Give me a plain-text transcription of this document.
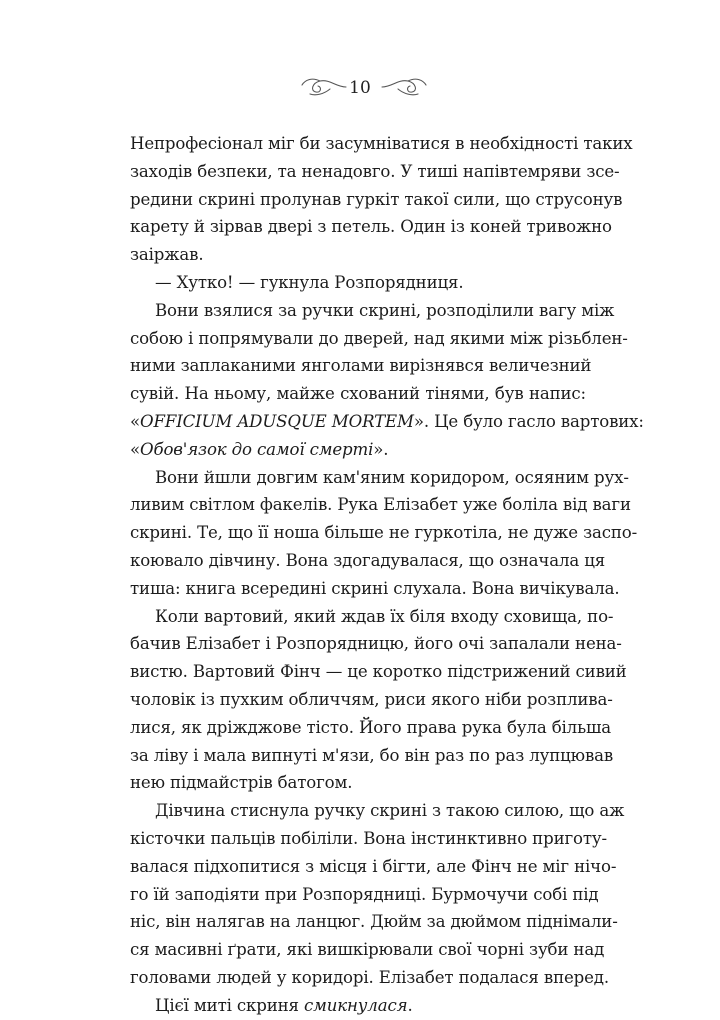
10
Непрофесіонал міг би засумніватися в необхідності таких
заходів безпеки, та ненадовго. У тиші напівтемряви зсе-
редини скрині пролунав гуркіт такої сили, що струсонув
карету й зірвав двері з петель. Один із коней тривожно
заіржав.
— Хутко! — гукнула Розпорядниця.
Вони взялися за ручки скрині, розподілили вагу між
собою і попрямували до дверей, над якими між різьблен-
ними заплаканими янголами вирізнявся величезний
сувій. На ньому, майже схований тінями, був напис:
«OFFICIUM ADUSQUE MORTEM». Це було гасло вартових:
«Обов'язок до самої смерті».
Вони йшли довгим кам'яним коридором, осяяним рух-
ливим світлом факелів. Рука Елізабет уже боліла від ваги
скрині. Те, що її ноша більше не гуркотіла, не дуже заспо-
коювало дівчину. Вона здогадувалася, що означала ця
тиша: книга всередині скрині слухала. Вона вичікувала.
Коли вартовий, який ждав їх біля входу сховища, по-
бачив Елізабет і Розпорядницю, його очі запалали нена-
вистю. Вартовий Фінч — це коротко підстрижений сивий
чоловік із пухким обличчям, риси якого ніби розплива-
лися, як дріжджове тісто. Його права рука була більша
за ліву і мала випнуті м'язи, бо він раз по раз лупцював
нею підмайстрів батогом.
Дівчина стиснула ручку скрині з такою силою, що аж
кісточки пальців побіліли. Вона інстинктивно приготу-
валася підхопитися з місця і бігти, але Фінч не міг нічо-
го їй заподіяти при Розпорядниці. Бурмочучи собі під
ніс, він налягав на ланцюг. Дюйм за дюймом піднімали-
ся масивні ґрати, які вишкірювали свої чорні зуби над
головами людей у коридорі. Елізабет подалася вперед.
Цієї миті скриня смикнулася.
